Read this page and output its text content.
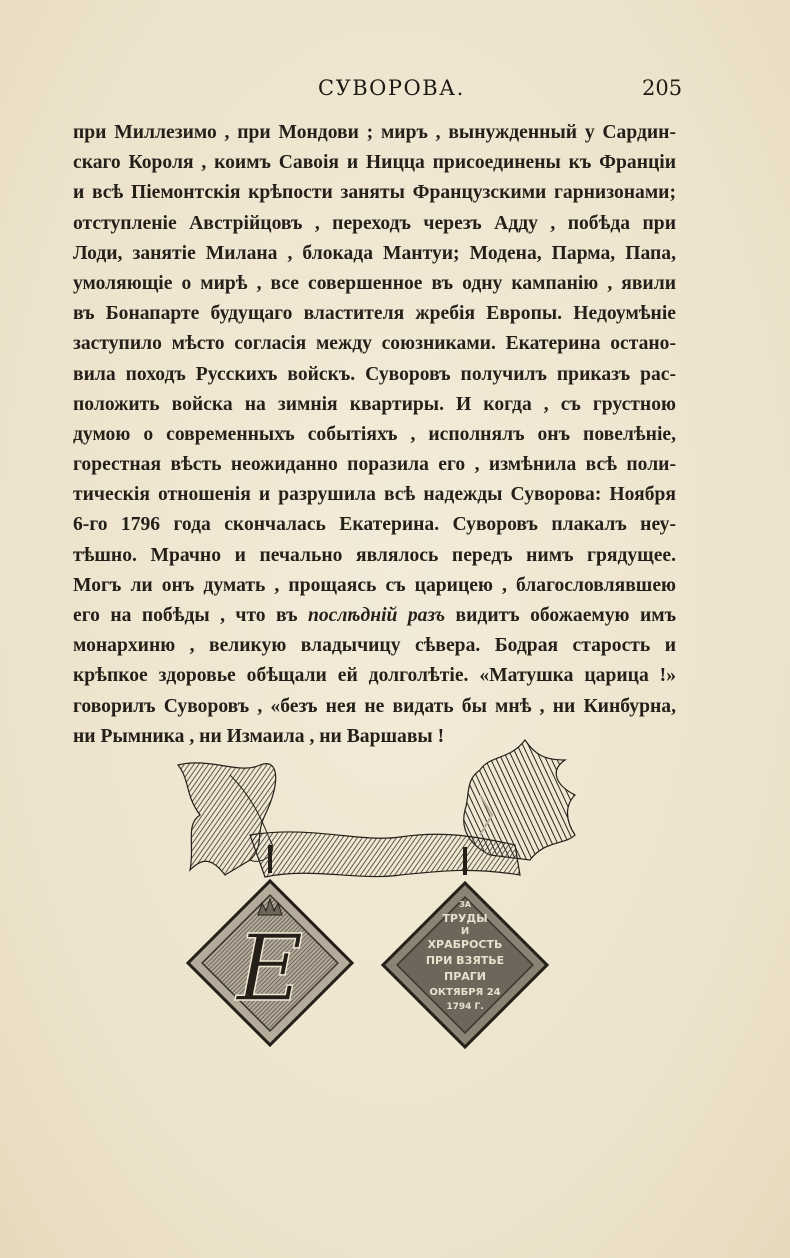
СУВОРОВА.	205
при Миллезимо , при Мондови ; миръ , вынужденный у Сардин-
скаго Короля , коимъ Савоія и Ницца присоединены къ Франціи
и всѣ Піемонтскія крѣпости заняты Французскими гарнизонами;
отступленіе Австрійцовъ , переходъ черезъ Адду , побѣда при
Лоди, занятіе Милана , блокада Мантуи; Модена, Парма, Папа,
умоляющіе о мирѣ , все совершенное въ одну кампанію , явили
въ Бонапарте будущаго властителя жребія Европы. Недоумѣніе
заступило мѣсто согласія между союзниками. Екатерина остано-
вила походъ Русскихъ войскъ. Суворовъ получилъ приказъ рас-
положить войска на зимнія квартиры. И когда , съ грустною
думою о современныхъ событіяхъ , исполнялъ онъ повелѣніе,
горестная вѣсть неожиданно поразила его , измѣнила всѣ поли-
тическія отношенія и разрушила всѣ надежды Суворова: Ноября
6-го 1796 года скончалась Екатерина. Суворовъ плакалъ неу-
тѣшно. Мрачно и печально являлось передъ нимъ грядущее.
Могъ ли онъ думать , прощаясь съ царицею , благословлявшею
его на побѣды , что въ послѣдній разъ видитъ обожаемую имъ
монархиню , великую владычицу сѣвера. Бодрая старость и
крѣпкое здоровье обѣщали ей долголѣтіе. «Матушка царица !»
говорилъ Суворовъ , «безъ нея не видать бы мнѣ , ни Кинбурна,
ни Рымника , ни Измаила , ни Варшавы !
E
ЗА
ТРУДЫ
И
ХРАБРОСТЬ
ПРИ ВЗЯТЬЕ
ПРАГИ
ОКТЯБРЯ 24
1794 Г.
